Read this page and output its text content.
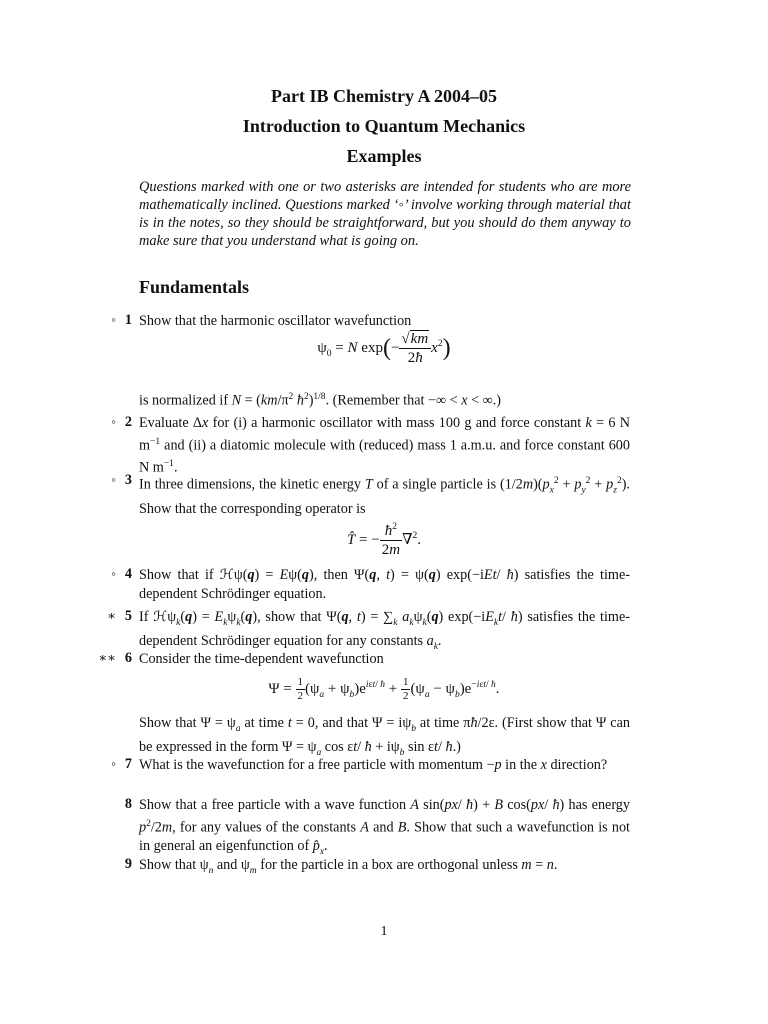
Part IB Chemistry A 2004–05
Introduction to Quantum Mechanics
Examples
Questions marked with one or two asterisks are intended for students who are more mathematically inclined. Questions marked ‘◦’ involve working through material that is in the notes, so they should be straightforward, but you should do them anyway to make sure that you understand what is going on.
Fundamentals
◦ 1 Show that the harmonic oscillator wavefunction
$\psi_0 = N$ $\exp(- \frac{√km}{2ħ} x^2)$
is normalized if $N = (km/\pi^2$ $ħ^2)^{1/8}$. (Remember that −∞ < x < ∞.)
◦ 2 Evaluate Δx for (i) a harmonic oscillator with mass 100 g and force constant k = 6 N $m^{-1}$ and (ii) a diatomic molecule with (reduced) mass 1 a.m.u. and force constant 600 N $m^{-1}$.
◦ 3 In three dimensions, the kinetic energy T of a single particle is $(1/2m)(p_x^2 + p_y^2 + p_z^2)$. Show that the corresponding operator is
T̂ = − $\frac{ħ^2}{2m} \nabla^2$.
◦ 4 Show that if ℋψ(q) = Eψ(q), then Ψ(q, t) = ψ(q) exp(−iEt/ ħ) satisfies the time-dependent Schrödinger equation.
∗ 5 If ℋψ$_k$(q) = $E_k\psi_k(q)$, show that Ψ(q, $t) = \sum_k$ $a_k\psi_k(q)$ $\exp(-iE_kt/$ ħ) satisfies the time-dependent Schrödinger equation for any constants $a_k$.
∗∗ 6 Consider the time-dependent wavefunction
$\Psi = \frac{1}{2} (\psi_a + \psi_b)e^{i\varepsilon t/ ħ} + \frac{1}{2} (\psi_a - \psi_b)e^{-i\varepsilon t/ ħ}$.
Show that $\Psi = \psi_a$ at time t = 0, and that $\Psi = i\psi_b$ at time πħ/2ε. (First show that Ψ can be expressed in the form $\Psi = \psi_a$ cos εt/ ħ + $i\psi_b$ sin εt/ ħ.)
◦ 7 What is the wavefunction for a free particle with momentum −p in the x direction?
8 Show that a free particle with a wave function A sin(px/ ħ) + B cos(px/ ħ) has energy $p^2/2m$, for any values of the constants A and B. Show that such a wavefunction is not in general an eigenfunction of $p̂_x$.
9 Show that $\psi_n$ and $\psi_m$ for the particle in a box are orthogonal unless m = n.
1
